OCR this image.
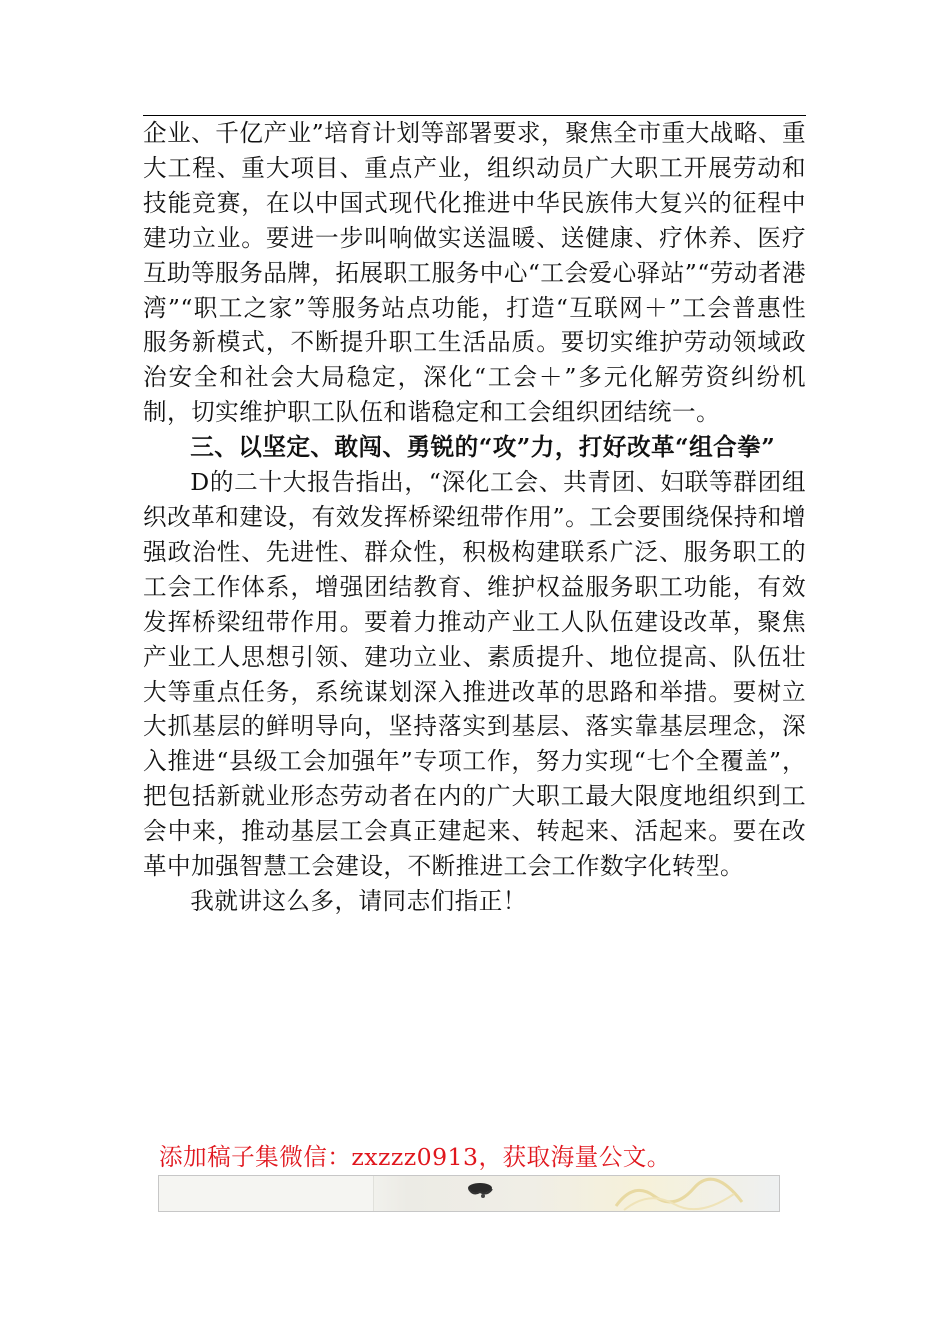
企业、千亿产业”培育计划等部署要求，聚焦全市重大战略、重大工程、重大项目、重点产业，组织动员广大职工开展劳动和技能竞赛，在以中国式现代化推进中华民族伟大复兴的征程中建功立业。要进一步叫响做实送温暖、送健康、疗休养、医疗互助等服务品牌，拓展职工服务中心“工会爱心驿站”“劳动者港湾”“职工之家”等服务站点功能，打造“互联网＋”工会普惠性服务新模式，不断提升职工生活品质。要切实维护劳动领域政治安全和社会大局稳定，深化“工会＋”多元化解劳资纠纷机制，切实维护职工队伍和谐稳定和工会组织团结统一。

三、以坚定、敢闯、勇锐的“攻”力，打好改革“组合拳”

D的二十大报告指出，“深化工会、共青团、妇联等群团组织改革和建设，有效发挥桥梁纽带作用”。工会要围绕保持和增强政治性、先进性、群众性，积极构建联系广泛、服务职工的工会工作体系，增强团结教育、维护权益服务职工功能，有效发挥桥梁纽带作用。要着力推动产业工人队伍建设改革，聚焦产业工人思想引领、建功立业、素质提升、地位提高、队伍壮大等重点任务，系统谋划深入推进改革的思路和举措。要树立大抓基层的鲜明导向，坚持落实到基层、落实靠基层理念，深入推进“县级工会加强年”专项工作，努力实现“七个全覆盖”，把包括新就业形态劳动者在内的广大职工最大限度地组织到工会中来，推动基层工会真正建起来、转起来、活起来。要在改革中加强智慧工会建设，不断推进工会工作数字化转型。

我就讲这么多，请同志们指正！

添加稿子集微信：zxzzz0913，获取海量公文。
